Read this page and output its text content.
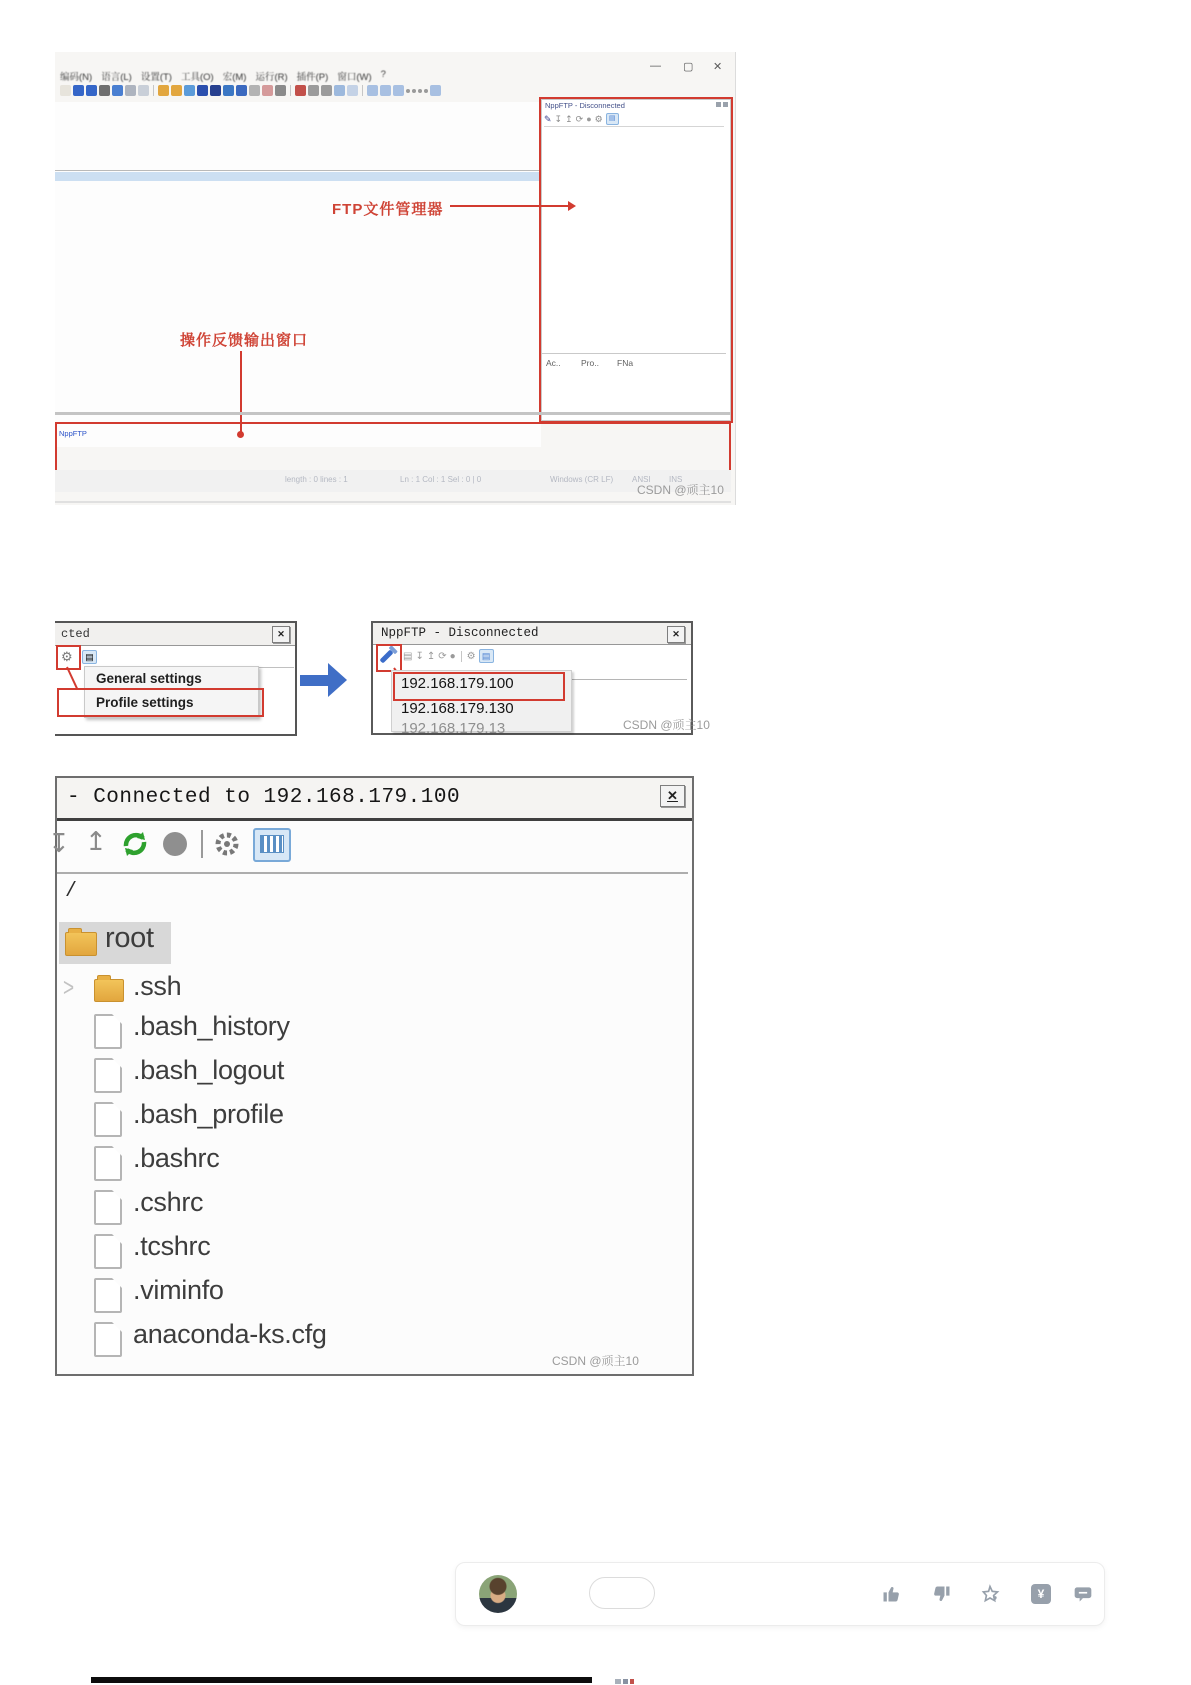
— ▢ ✕
编码(N) 语言(L) 设置(T) 工具(O) 宏(M) 运行(R) 插件(P) 窗口(W) ?
NppFTP - Disconnected
✎ ↧ ↥ ⟳ ● ⚙ ▤
Ac.. Pro.. FNa
FTP文件管理器
操作反馈输出窗口
NppFTP
length : 0 lines : 1	Ln : 1 Col : 1 Sel : 0 | 0	Windows (CR LF) ANSI INS
CSDN @顽主10
cted	✕
⚙	▤
General settings
Profile settings
NppFTP - Disconnected	✕
▤ ↧ ↥ ⟳ ● ⚙ ▤
192.168.179.100
192.168.179.130
192.168.179.13	CSDN @顽主10
- Connected to 192.168.179.100	✕
↧ ↥
/
root
> .ssh
.bash_history
.bash_logout
.bash_profile
.bashrc
.cshrc
.tcshrc
.viminfo
anaconda-ks.cfg
CSDN @顽主10
¥
